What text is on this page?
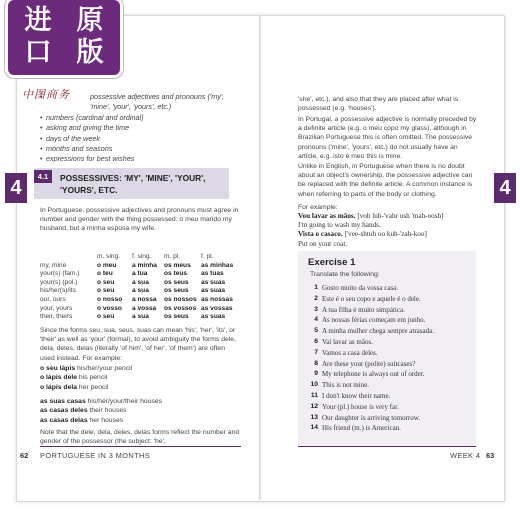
进 原
口 版
中图商务
•	possessive adjectives and pronouns ('my', 'mine', 'your', 'yours', etc.)
• numbers (cardinal and ordinal)
• asking and giving the time
• days of the week
• months and seasons
• expressions for best wishes
4
4.1	POSSESSIVES: 'MY', 'MINE', 'YOUR', 'YOURS', ETC.
In Portuguese, possessive adjectives and pronouns must agree in number and gender with the thing possessed: o meu marido my husband, but a minha esposa my wife.
m. sing. f. sing. m. pl.	f. pl.
my, mine	o meu a minha os meus as minhas
your(s) (fam.)	o teu	a tua	os teus as tuas
your(s) (pol.)	o seu	a sua os seus as suas
his/her(s)/its	o seu	a sua os seus as suas
our, ours	o nosso a nossa os nossos as nossas
your, yours	o vosso a vossa os vossos as vossas
their, theirs	o seu	a sua os seus as suas
Since the forms seu, sua, seus, suas can mean 'his', 'her', 'its', or 'their' as well as 'your' (formal), to avoid ambiguity the forms dele, dela, deles, delas (literally 'of him', 'of her', 'of them') are often used instead. For example:
o seu lápis his/her/your pencil
o lápis dele his pencil
o lápis dela her pencil
as suas casas his/her/your/their houses
as casas deles their houses
as casas delas her houses
Note that the dele, dela, deles, delas forms reflect the number and gender of the possessor (the subject: 'he',
62 PORTUGUESE IN 3 MONTHS
'she', etc.), and also that they are placed after what is possessed (e.g. 'houses').
In Portugal, a possessive adjective is normally preceded by a definite article (e.g. o meu copo my glass), although in Brazilian Portuguese this is often omitted. The possessive pronouns ('mine', 'yours', etc.) do not usually have an article, e.g. isto é meu this is mine.
Unlike in English, in Portuguese when there is no doubt about an object's ownership, the possessive adjective can be replaced with the definite article. A common instance is when referring to parts of the body or clothing.
For example:
Vou lavar as mãos. [voh luh-'vahr ush 'mah-oosh]
I'm going to wash my hands.
Vista o casaco. ['vee-shtuh oo kuh-'zah-koo]
Put on your coat.
4
Exercise 1
Translate the following:
1 Gosto muito da vossa casa.
2 Este é o seu copo e aquele é o dele.
3 A tua filha é muito simpática.
4 As nossas férias começam em junho.
5 A minha mulher chega sempre atrasada.
6 Vai lavar as mãos.
7 Vamos a casa deles.
8 Are these your (polite) suitcases?
9 My telephone is always out of order.
10 This is not mine.
11 I don't know their name.
12 Your (pl.) house is very far.
13 Our daughter is arriving tomorrow.
14 His friend (m.) is American.
WEEK 4 63
